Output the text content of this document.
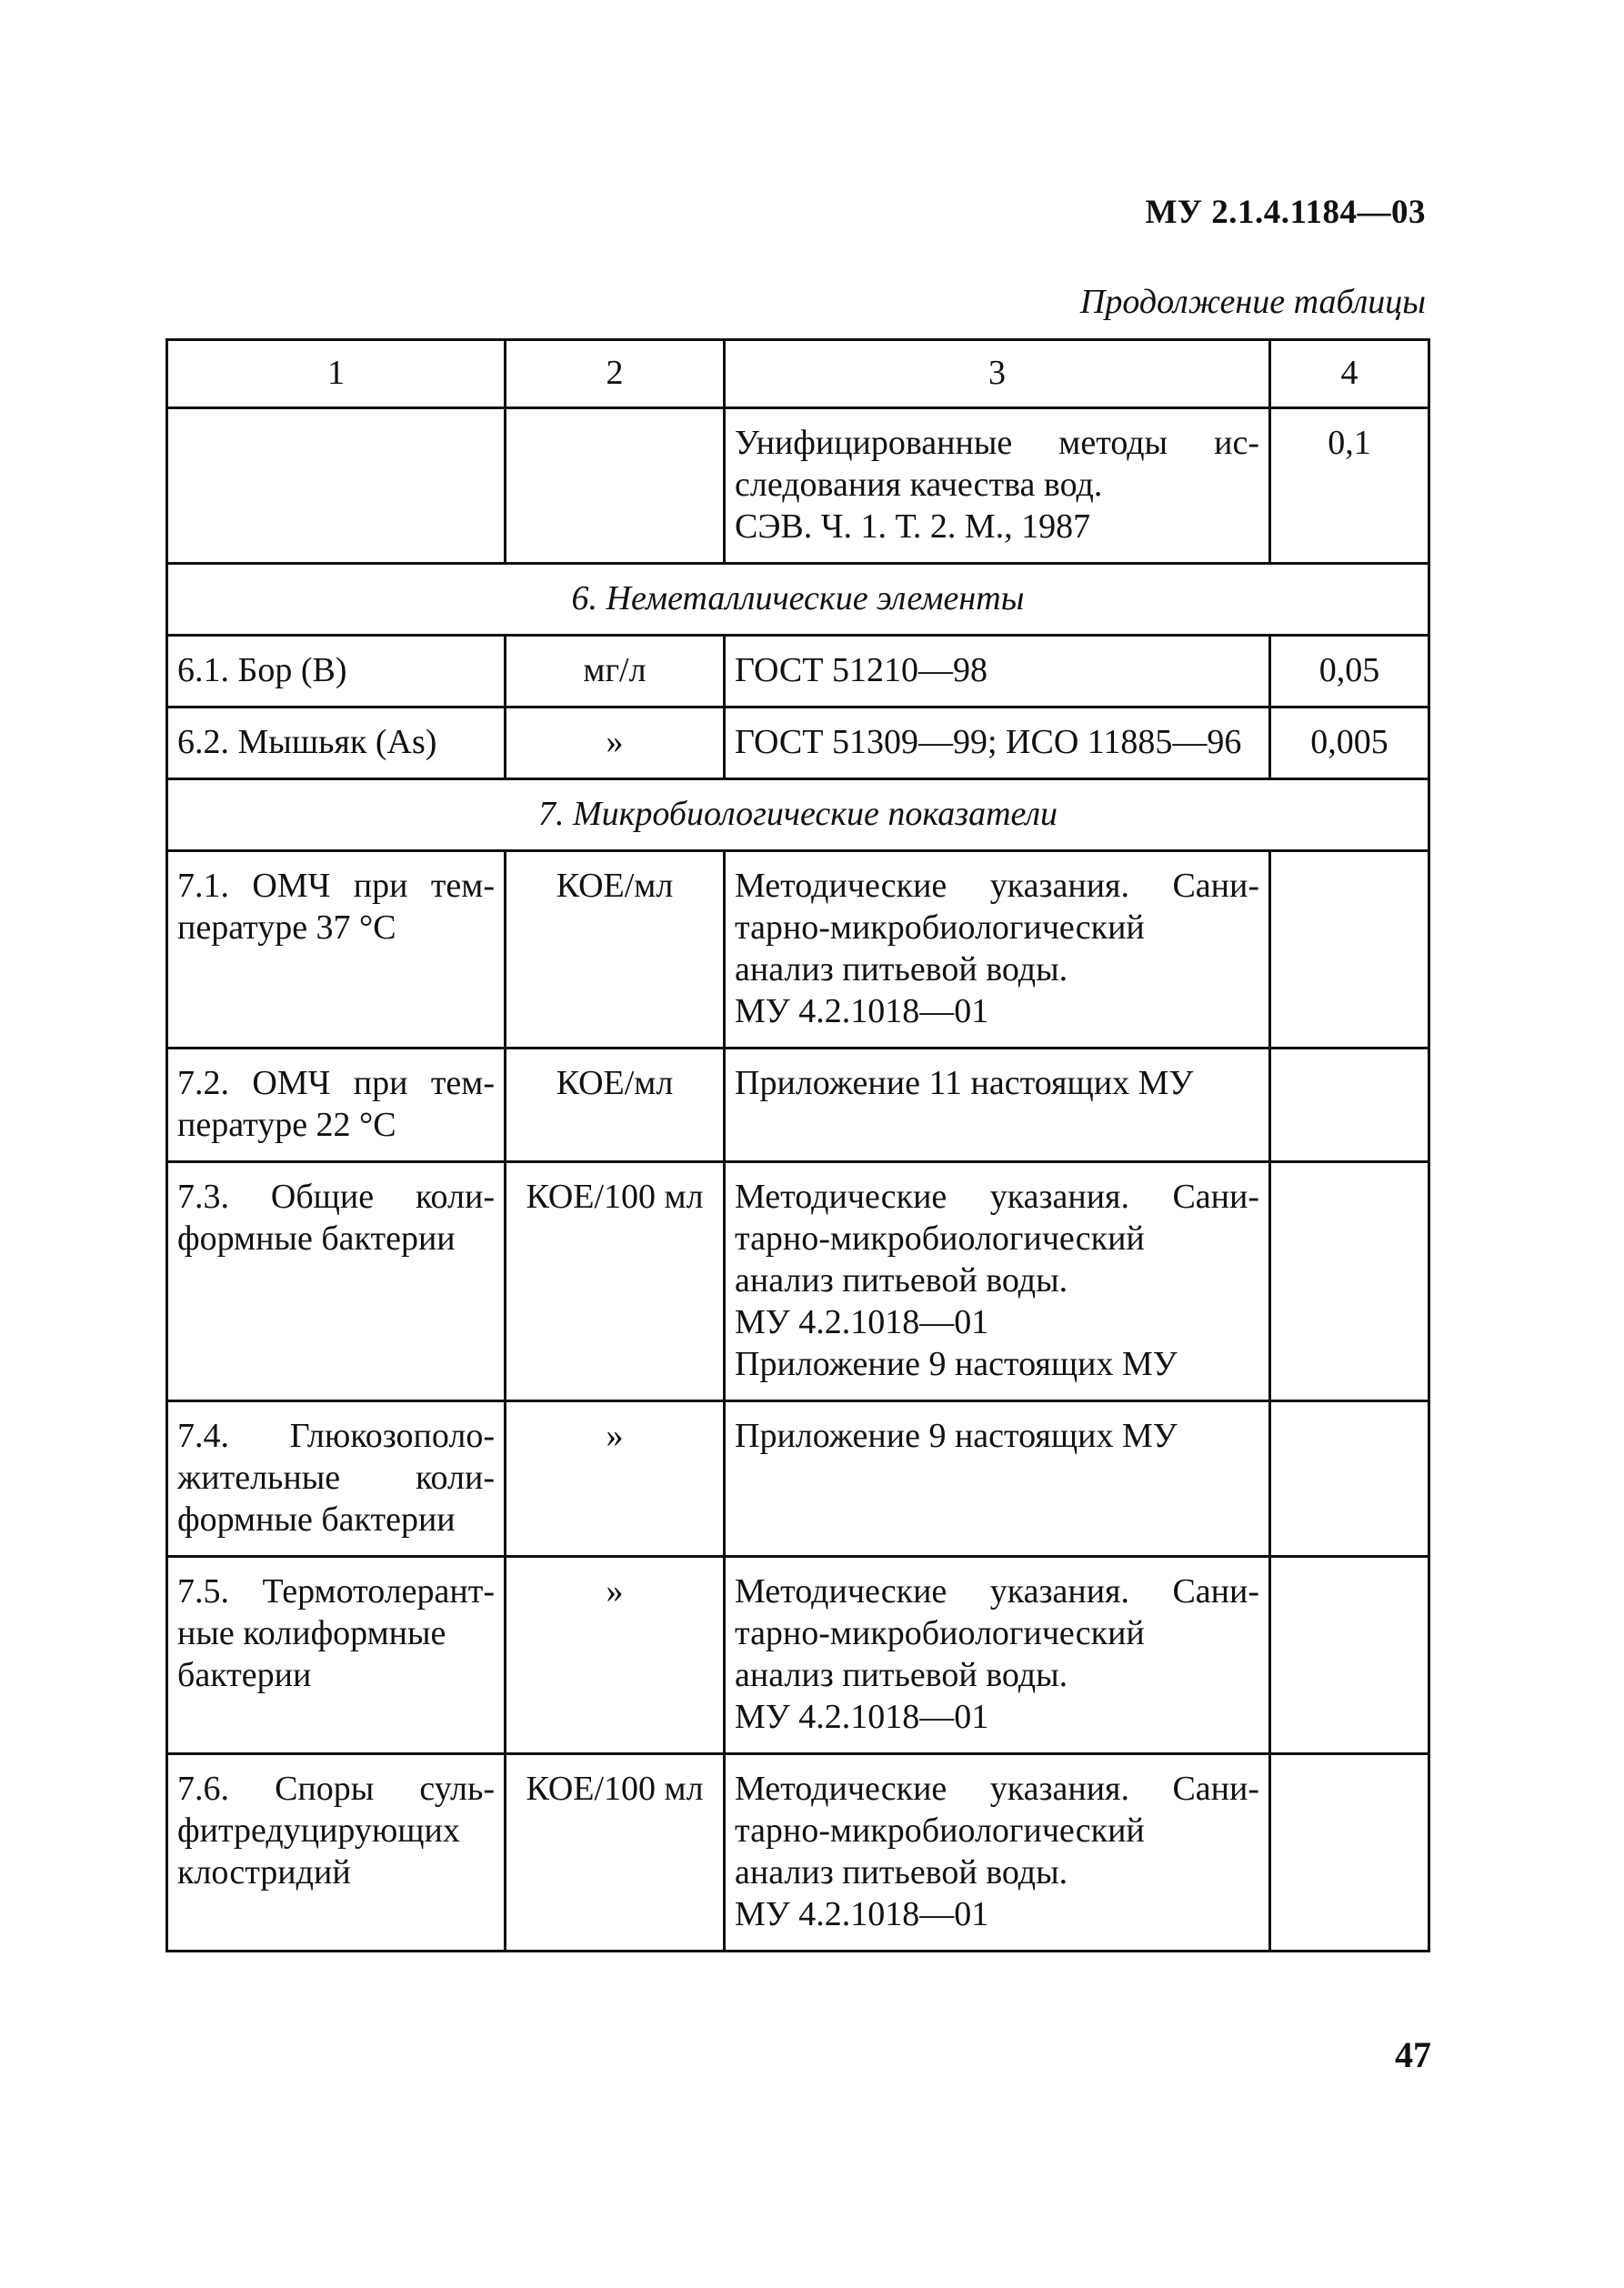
МУ 2.1.4.1184—03
Продолжение таблицы
1	2	3	4

		Унифицированные методы ис-
следования качества вод.
СЭВ. Ч. 1. Т. 2. М., 1987	0,1
6. Неметаллические элементы			

6.1. Бор (B)	мг/л	ГОСТ 51210—98	0,05

6.2. Мышьяк (As)	»	ГОСТ 51309—99; ИСО 11885—96	0,005
7. Микробиологические показатели			

7.1. ОМЧ при тем-
пературе 37 °С	КОЕ/мл	Методические указания. Сани-
тарно-микробиологический
анализ питьевой воды.
МУ 4.2.1018—01	

7.2. ОМЧ при тем-
пературе 22 °С	КОЕ/мл	Приложение 11 настоящих МУ	

7.3. Общие коли-
формные бактерии	КОЕ/100 мл	Методические указания. Сани-
тарно-микробиологический
анализ питьевой воды.
МУ 4.2.1018—01
Приложение 9 настоящих МУ	

7.4. Глюкозополо-
жительные коли-
формные бактерии	»	Приложение 9 настоящих МУ	

7.5. Термотолерант-
ные колиформные
бактерии	»	Методические указания. Сани-
тарно-микробиологический
анализ питьевой воды.
МУ 4.2.1018—01	

7.6. Споры суль-
фитредуцирующих
клостридий	КОЕ/100 мл	Методические указания. Сани-
тарно-микробиологический
анализ питьевой воды.
МУ 4.2.1018—01	

47
